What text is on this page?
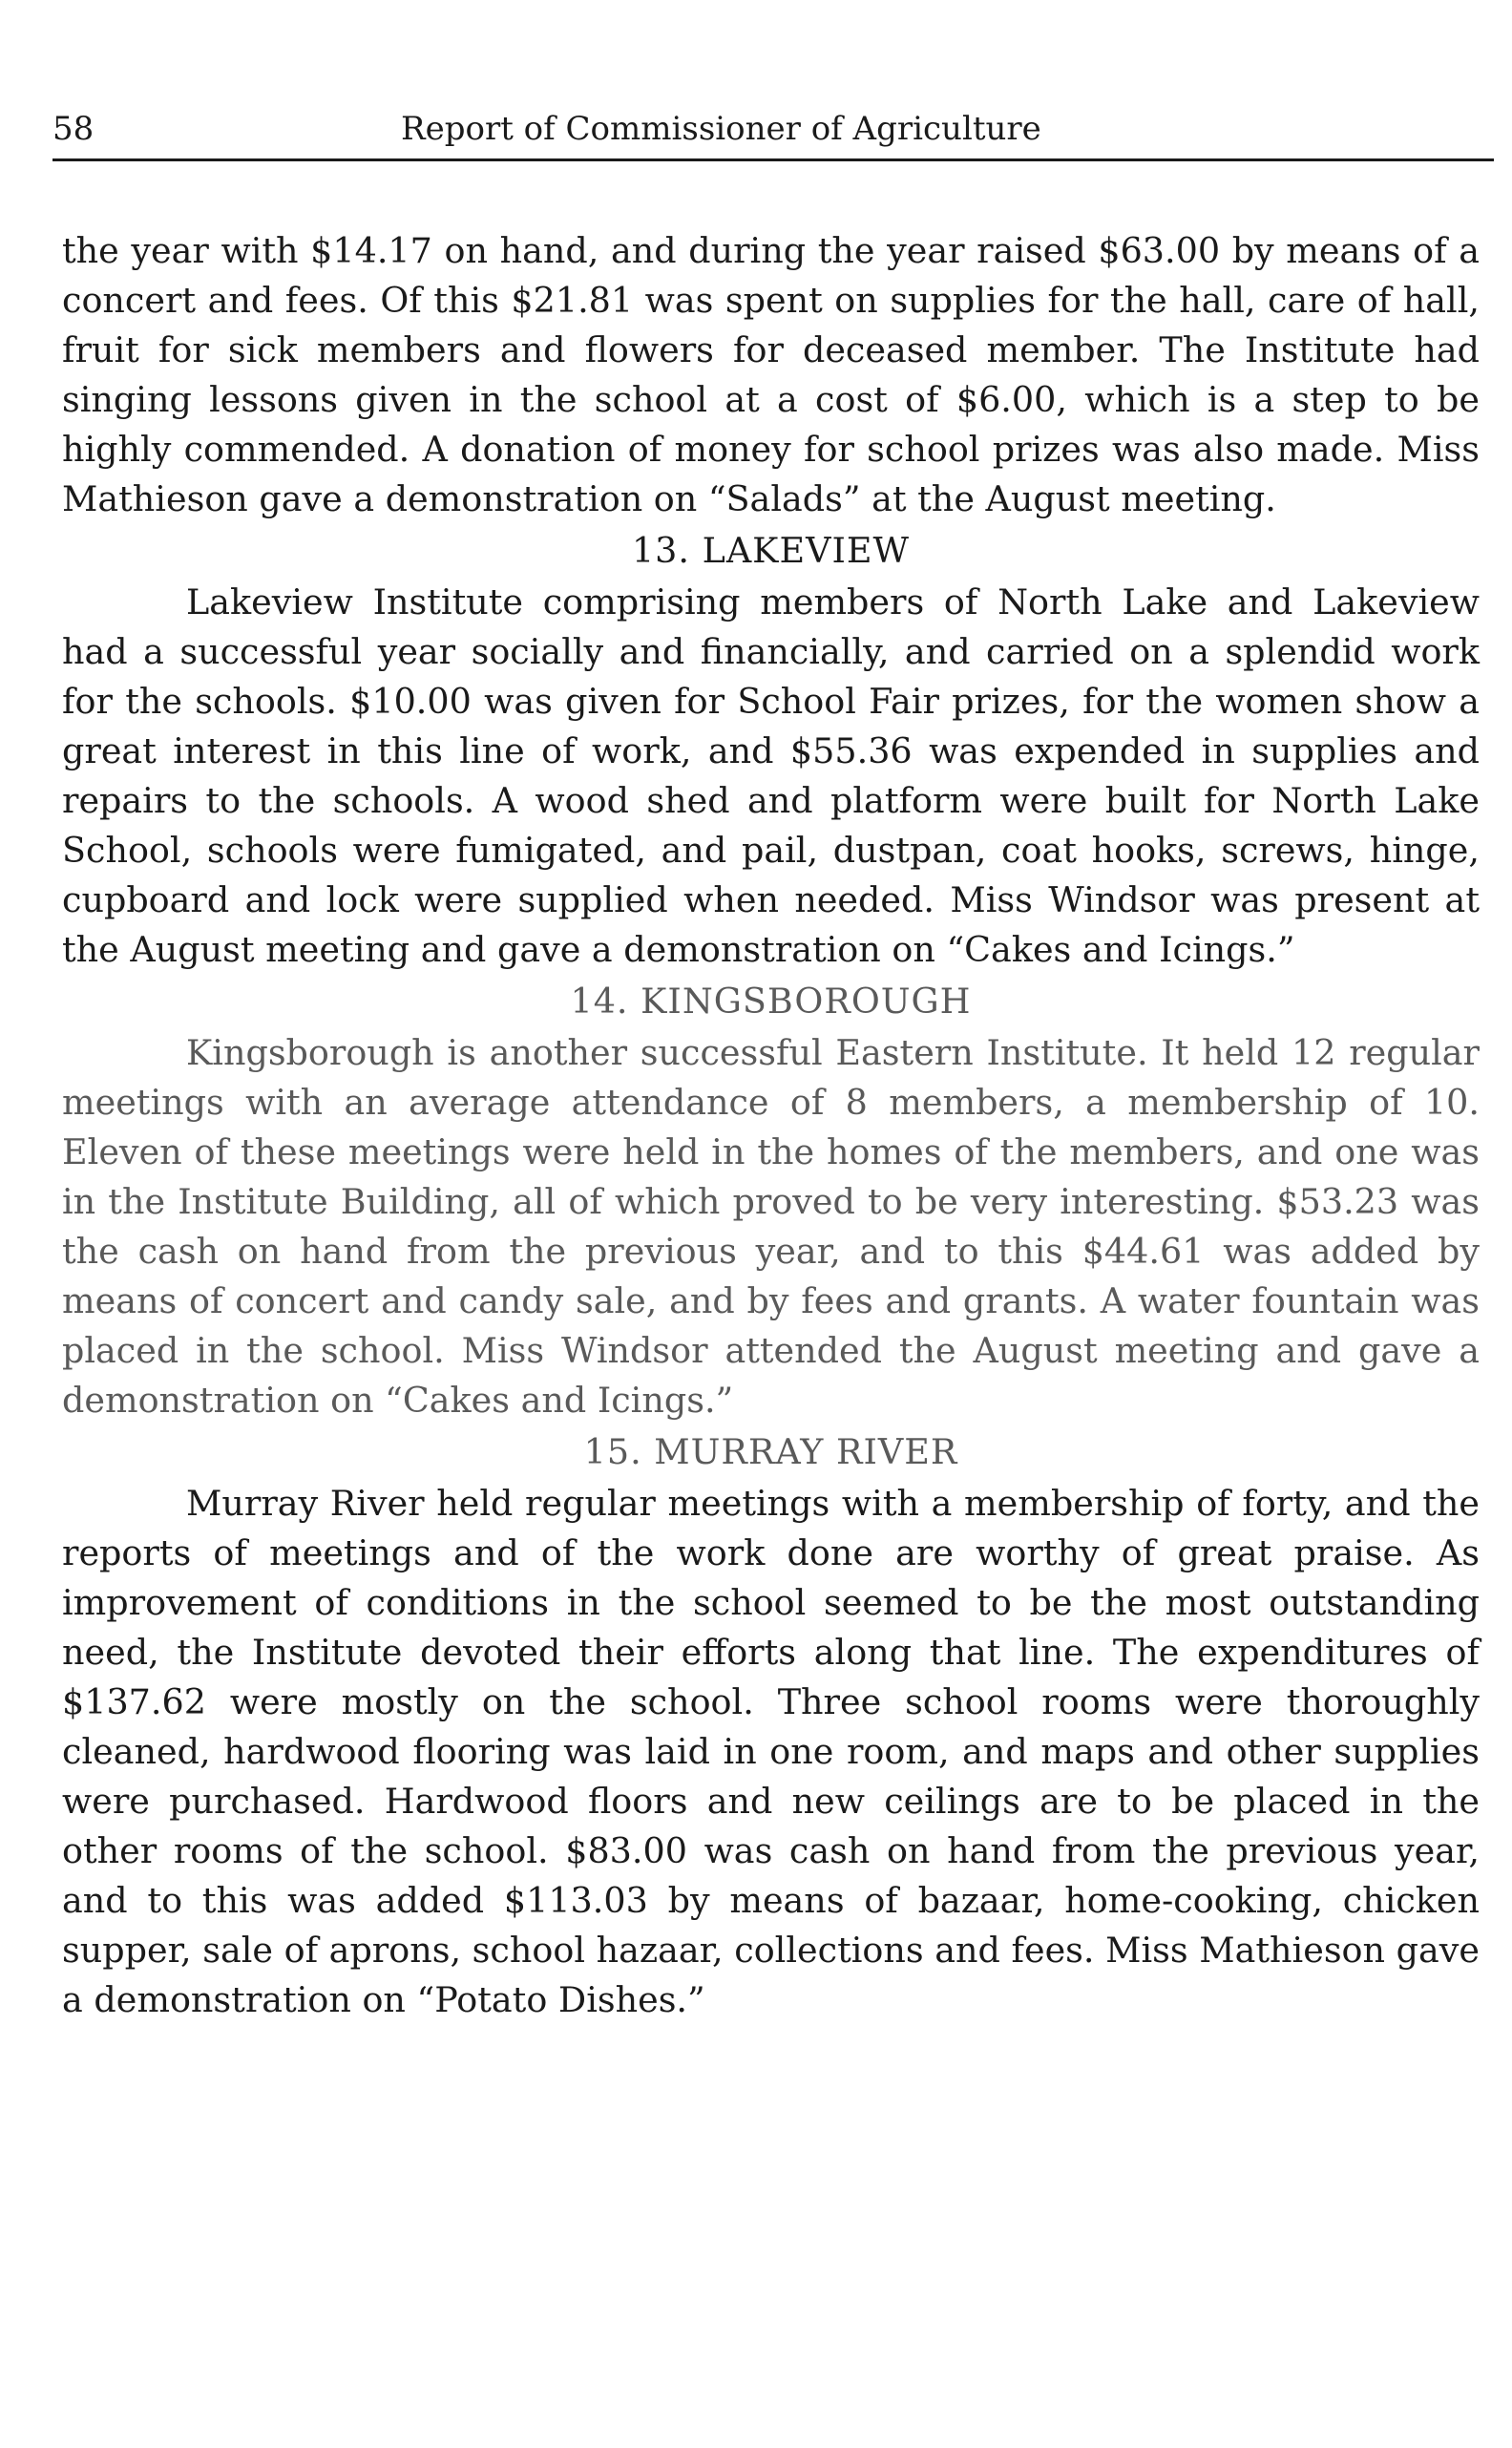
58	Report of Commissioner of Agriculture

the year with $14.17 on hand, and during the year raised $63.00 by means of a concert and fees. Of this $21.81 was spent on supplies for the hall, care of hall, fruit for sick members and flowers for deceased member. The Institute had singing lessons given in the school at a cost of $6.00, which is a step to be highly commended. A donation of money for school prizes was also made. Miss Mathieson gave a demonstration on “Salads” at the August meeting.

13. LAKEVIEW

Lakeview Institute comprising members of North Lake and Lakeview had a successful year socially and financially, and carried on a splendid work for the schools. $10.00 was given for School Fair prizes, for the women show a great interest in this line of work, and $55.36 was expended in supplies and repairs to the schools. A wood shed and platform were built for North Lake School, schools were fumigated, and pail, dustpan, coat hooks, screws, hinge, cupboard and lock were supplied when needed. Miss Windsor was present at the August meeting and gave a demonstration on “Cakes and Icings.”

14. KINGSBOROUGH

Kingsborough is another successful Eastern Institute. It held 12 regular meetings with an average attendance of 8 members, a membership of 10. Eleven of these meetings were held in the homes of the members, and one was in the Institute Building, all of which proved to be very interesting. $53.23 was the cash on hand from the previous year, and to this $44.61 was added by means of concert and candy sale, and by fees and grants. A water fountain was placed in the school. Miss Windsor attended the August meeting and gave a demonstration on “Cakes and Icings.”

15. MURRAY RIVER

Murray River held regular meetings with a membership of forty, and the reports of meetings and of the work done are worthy of great praise. As improvement of conditions in the school seemed to be the most outstanding need, the Institute devoted their efforts along that line. The expenditures of $137.62 were mostly on the school. Three school rooms were thoroughly cleaned, hardwood flooring was laid in one room, and maps and other supplies were purchased. Hardwood floors and new ceilings are to be placed in the other rooms of the school. $83.00 was cash on hand from the previous year, and to this was added $113.03 by means of bazaar, home-cooking, chicken supper, sale of aprons, school hazaar, collections and fees. Miss Mathieson gave a demonstration on “Potato Dishes.”
